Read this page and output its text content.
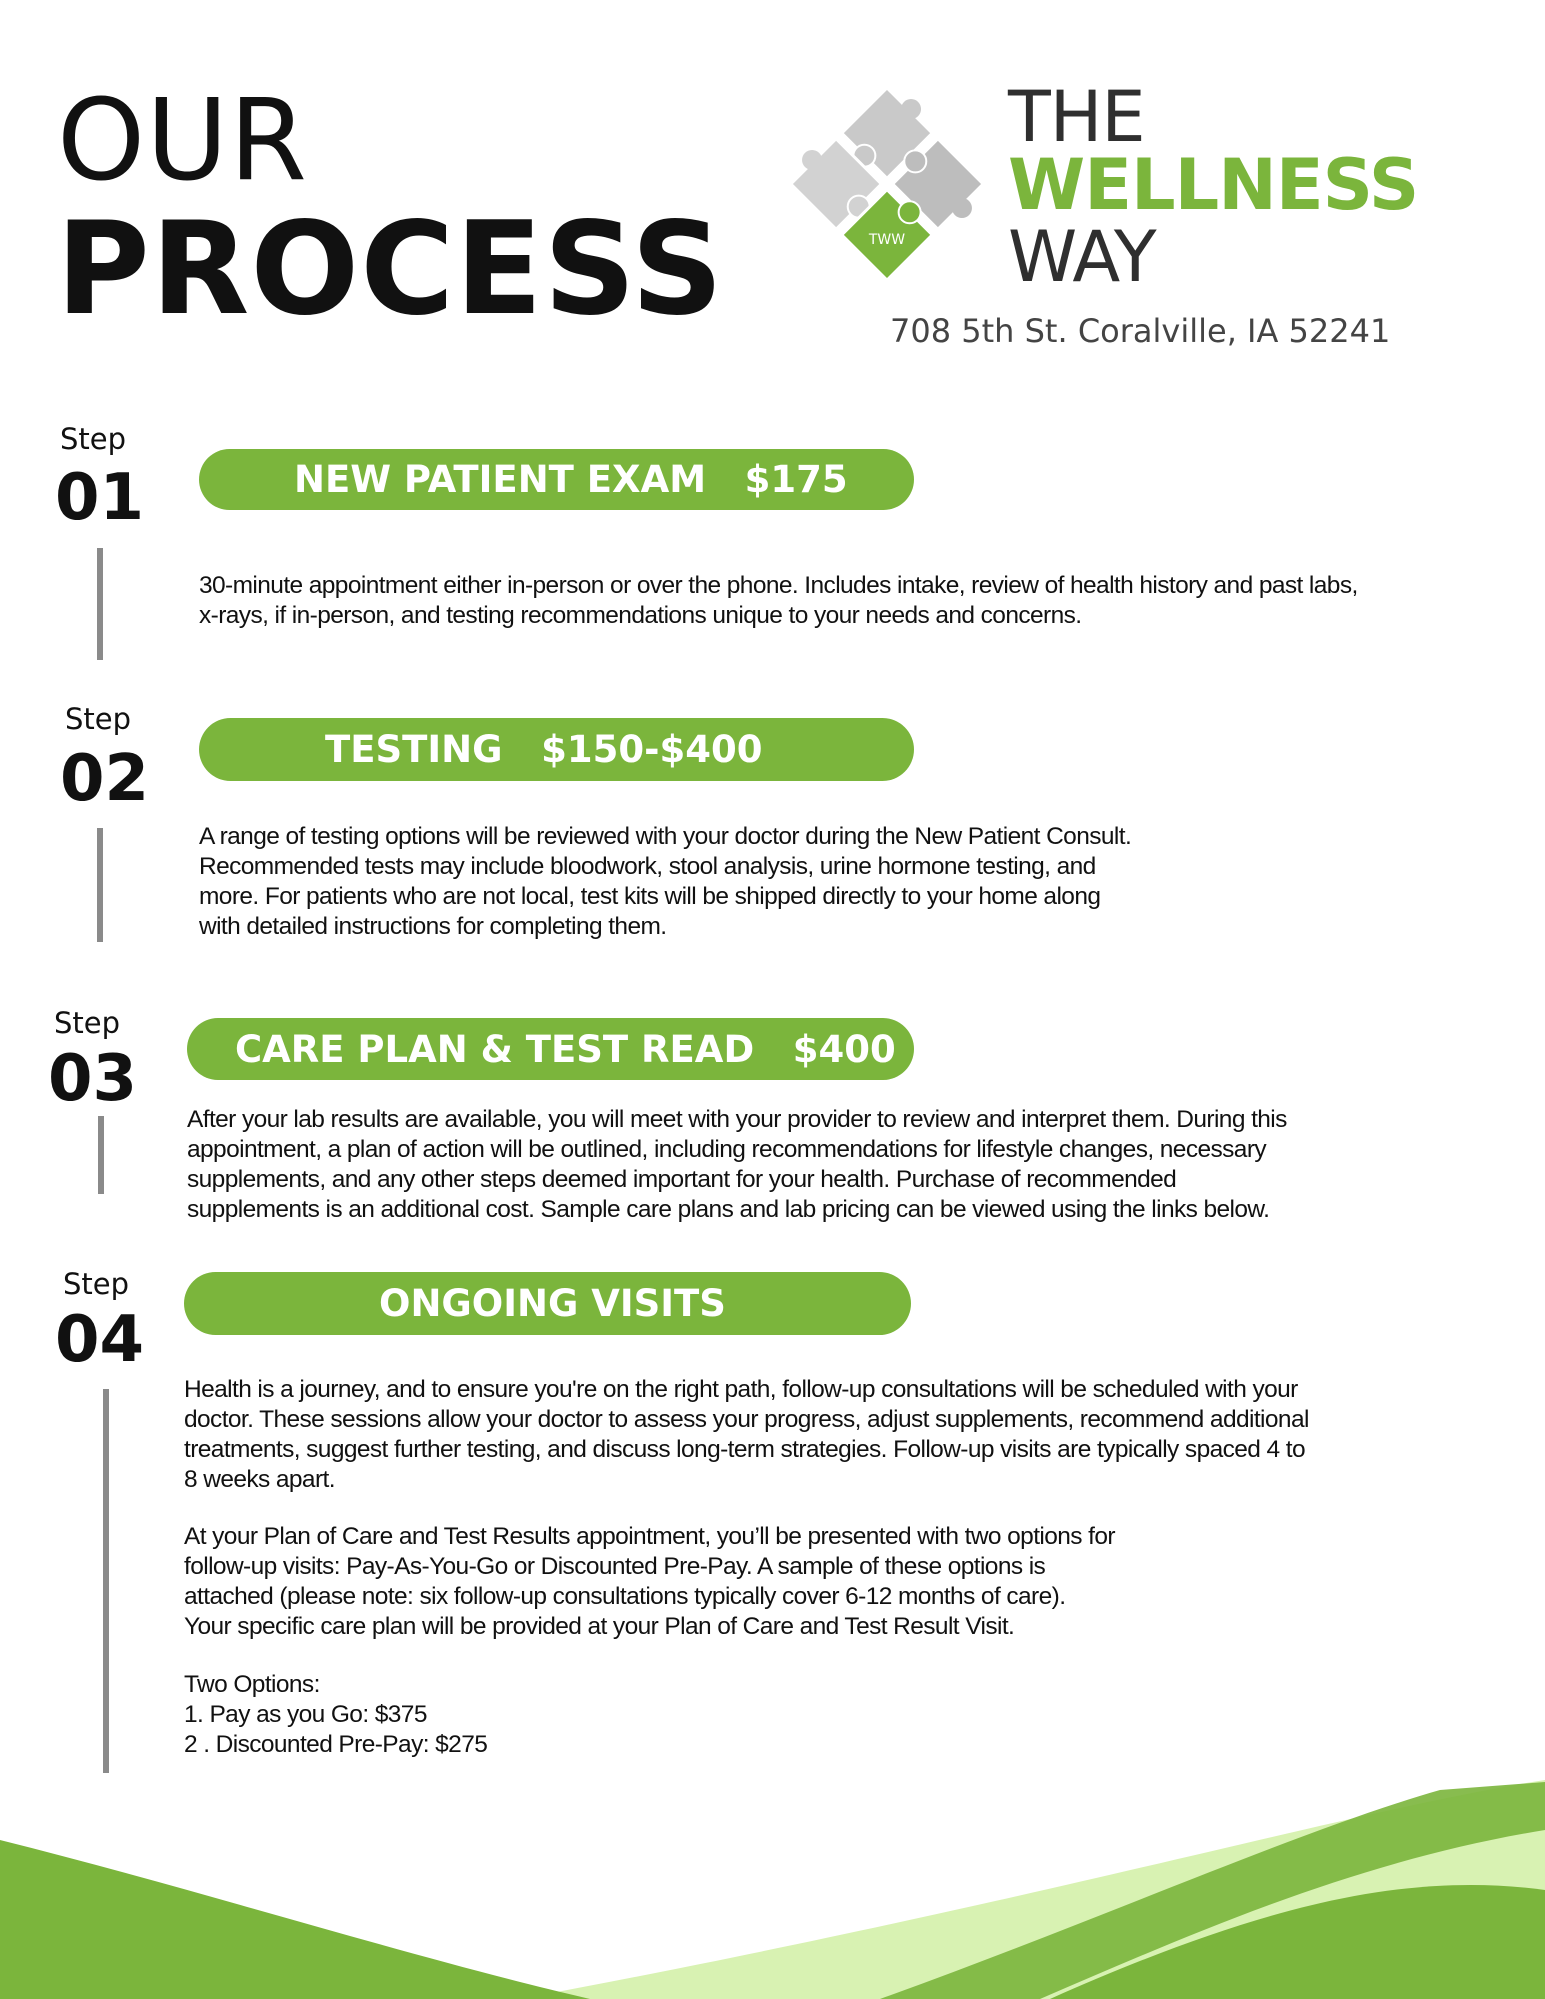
OUR
PROCESS	TWW
THE
WELLNESS
WAY
708 5th St. Coralville, IA 52241
Step
01	NEW PATIENT EXAM   $175
30-minute appointment either in-person or over the phone. Includes intake, review of health history and past labs,
x-rays, if in-person, and testing recommendations unique to your needs and concerns.
Step
02	TESTING   $150-$400
A range of testing options will be reviewed with your doctor during the New Patient Consult.
Recommended tests may include bloodwork, stool analysis, urine hormone testing, and
more. For patients who are not local, test kits will be shipped directly to your home along
with detailed instructions for completing them.
Step
03	CARE PLAN & TEST READ   $400
After your lab results are available, you will meet with your provider to review and interpret them. During this
appointment, a plan of action will be outlined, including recommendations for lifestyle changes, necessary
supplements, and any other steps deemed important for your health. Purchase of recommended
supplements is an additional cost. Sample care plans and lab pricing can be viewed using the links below.
Step
04	ONGOING VISITS
Health is a journey, and to ensure you're on the right path, follow-up consultations will be scheduled with your
doctor. These sessions allow your doctor to assess your progress, adjust supplements, recommend additional
treatments, suggest further testing, and discuss long-term strategies. Follow-up visits are typically spaced 4 to
8 weeks apart.
At your Plan of Care and Test Results appointment, you’ll be presented with two options for
follow-up visits: Pay-As-You-Go or Discounted Pre-Pay. A sample of these options is
attached (please note: six follow-up consultations typically cover 6-12 months of care).
Your specific care plan will be provided at your Plan of Care and Test Result Visit.
Two Options:
1. Pay as you Go: $375
2 . Discounted Pre-Pay: $275
